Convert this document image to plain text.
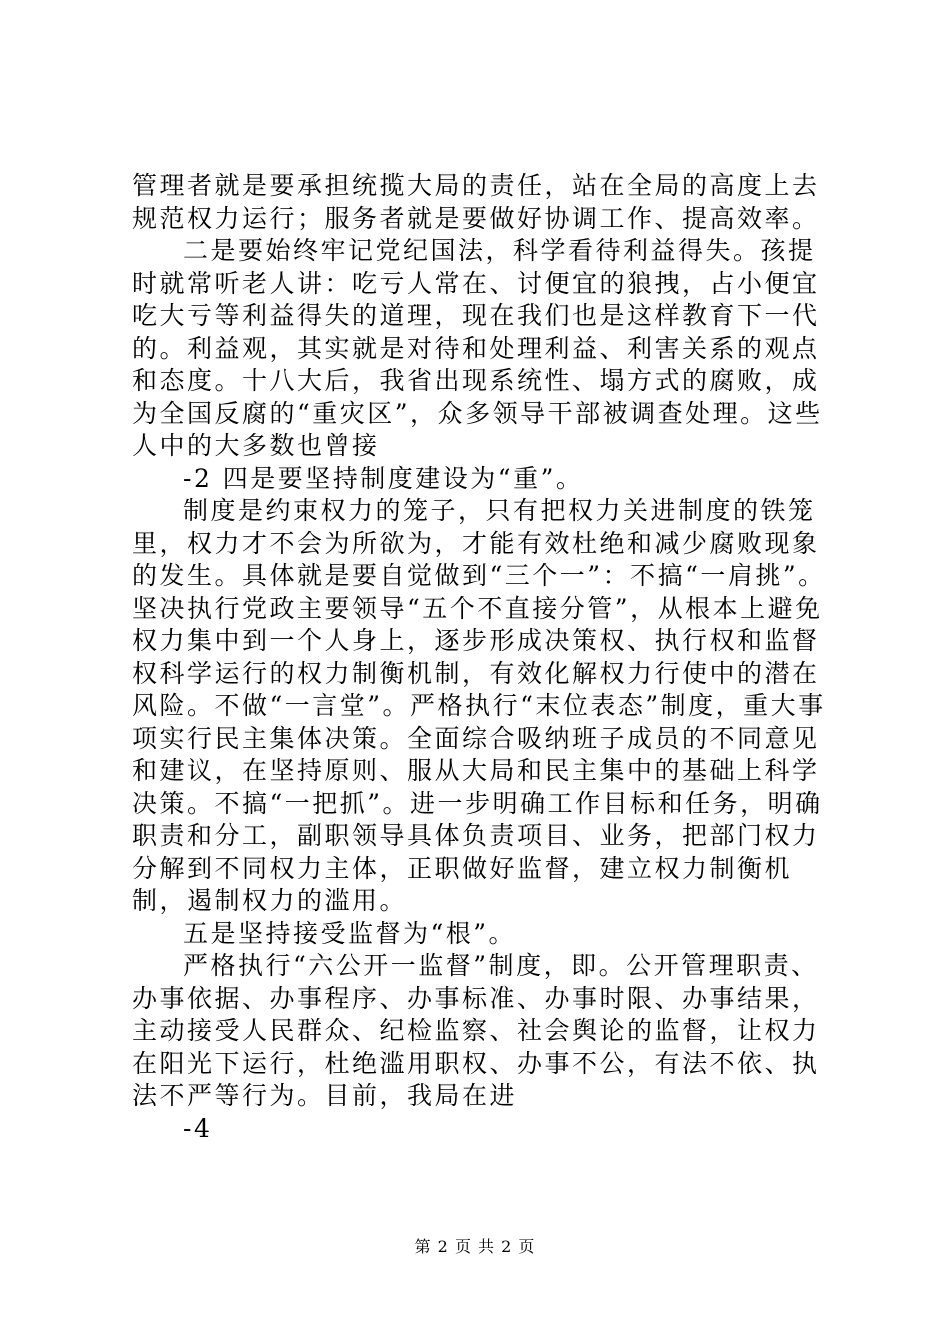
管理者就是要承担统揽大局的责任，站在全局的高度上去规范权力运行；服务者就是要做好协调工作、提高效率。

二是要始终牢记党纪国法，科学看待利益得失。孩提时就常听老人讲：吃亏人常在、讨便宜的狼拽，占小便宜吃大亏等利益得失的道理，现在我们也是这样教育下一代的。利益观，其实就是对待和处理利益、利害关系的观点和态度。十八大后，我省出现系统性、塌方式的腐败，成为全国反腐的“重灾区”，众多领导干部被调查处理。这些人中的大多数也曾接

-2 四是要坚持制度建设为“重”。

制度是约束权力的笼子，只有把权力关进制度的铁笼里，权力才不会为所欲为，才能有效杜绝和减少腐败现象的发生。具体就是要自觉做到“三个一”：不搞“一肩挑”。坚决执行党政主要领导“五个不直接分管”，从根本上避免权力集中到一个人身上，逐步形成决策权、执行权和监督权科学运行的权力制衡机制，有效化解权力行使中的潜在风险。不做“一言堂”。严格执行“末位表态”制度，重大事项实行民主集体决策。全面综合吸纳班子成员的不同意见和建议，在坚持原则、服从大局和民主集中的基础上科学决策。不搞“一把抓”。进一步明确工作目标和任务，明确职责和分工，副职领导具体负责项目、业务，把部门权力分解到不同权力主体，正职做好监督，建立权力制衡机制，遏制权力的滥用。

五是坚持接受监督为“根”。

严格执行“六公开一监督”制度，即。公开管理职责、办事依据、办事程序、办事标准、办事时限、办事结果，主动接受人民群众、纪检监察、社会舆论的监督，让权力在阳光下运行，杜绝滥用职权、办事不公，有法不依、执法不严等行为。目前，我局在进

-4

第 2 页 共 2 页
